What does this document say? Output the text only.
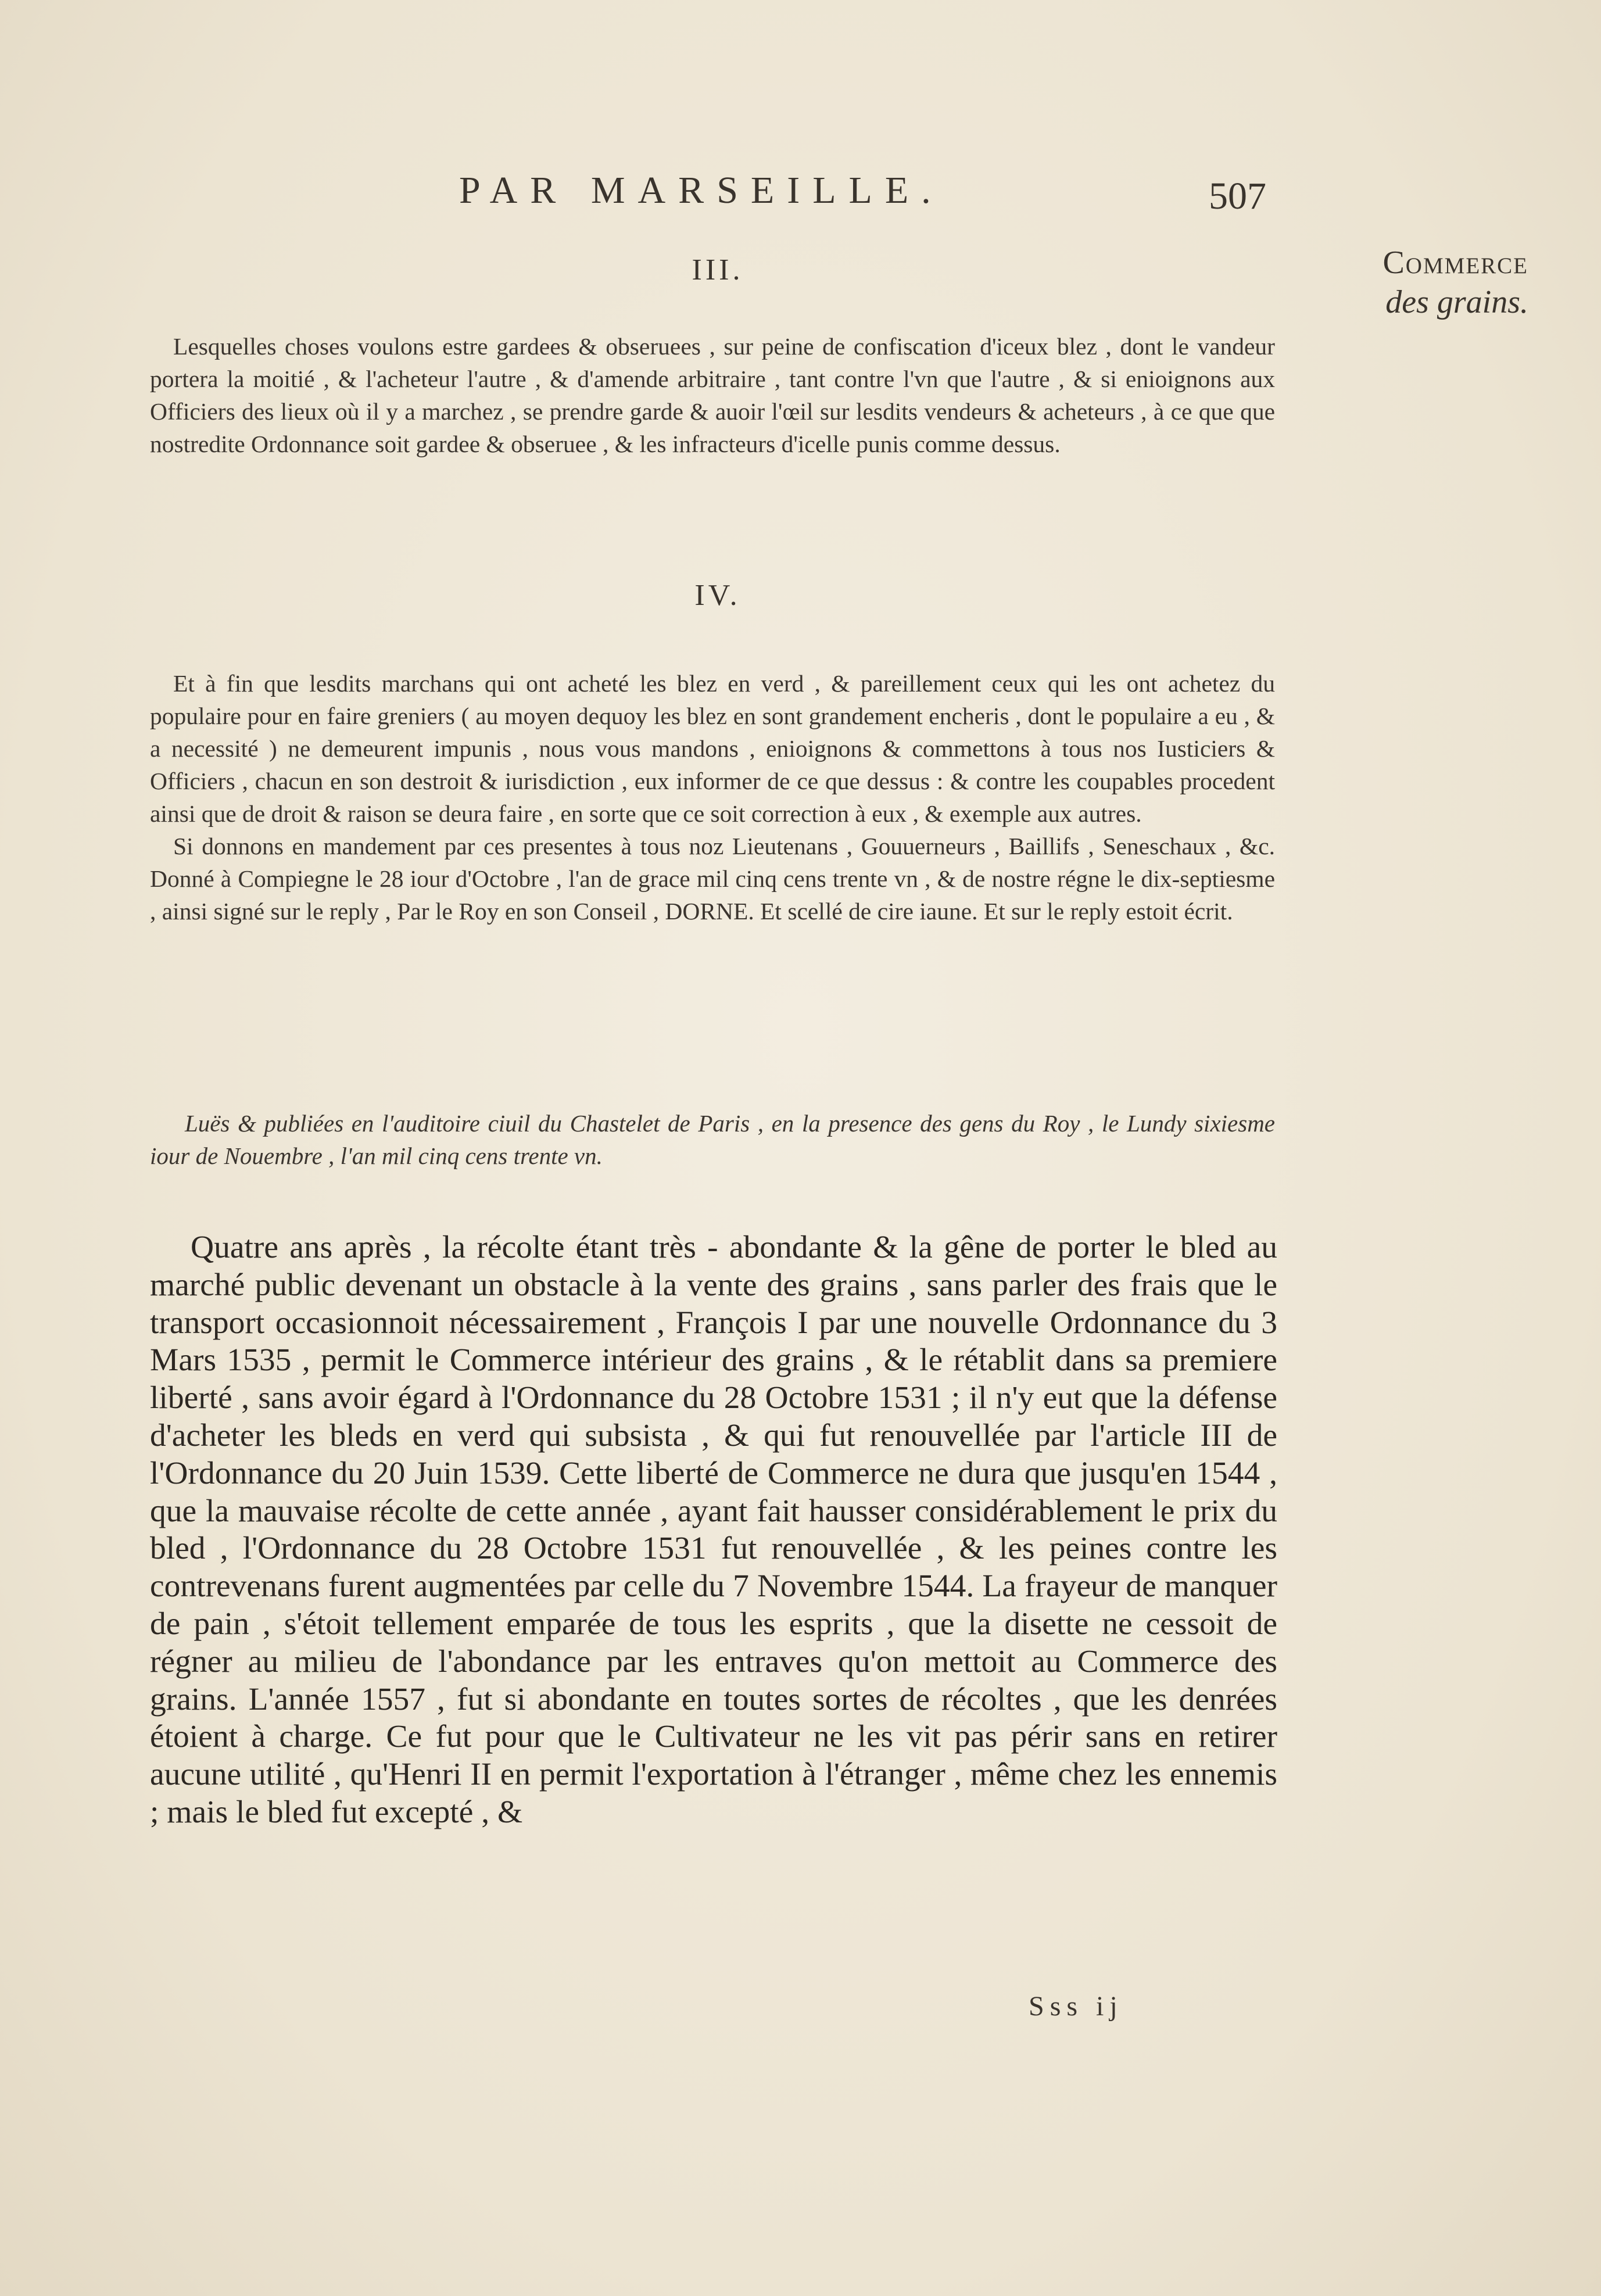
PAR MARSEILLE.	507
Commerce
des grains.
III.

Lesquelles choses voulons estre gardees & obseruees , sur peine de confiscation d'iceux blez , dont le vandeur portera la moitié , & l'acheteur l'autre , & d'amende arbitraire , tant contre l'vn que l'autre , & si enioignons aux Officiers des lieux où il y a marchez , se prendre garde & auoir l'œil sur lesdits vendeurs & acheteurs , à ce que que nostredite Ordonnance soit gardee & obseruee , & les infracteurs d'icelle punis comme dessus.

IV.

Et à fin que lesdits marchans qui ont acheté les blez en verd , & pareillement ceux qui les ont achetez du populaire pour en faire greniers ( au moyen dequoy les blez en sont grandement encheris , dont le populaire a eu , & a necessité ) ne demeurent impunis , nous vous mandons , enioignons & commettons à tous nos Iusticiers & Officiers , chacun en son destroit & iurisdiction , eux informer de ce que dessus : & contre les coupables procedent ainsi que de droit & raison se deura faire , en sorte que ce soit correction à eux , & exemple aux autres.

Si donnons en mandement par ces presentes à tous noz Lieutenans , Gouuerneurs , Baillifs , Seneschaux , &c. Donné à Compiegne le 28 iour d'Octobre , l'an de grace mil cinq cens trente vn , & de nostre régne le dix-septiesme , ainsi signé sur le reply , Par le Roy en son Conseil , DORNE. Et scellé de cire iaune. Et sur le reply estoit écrit.

Luës & publiées en l'auditoire ciuil du Chastelet de Paris , en la presence des gens du Roy , le Lundy sixiesme iour de Nouembre , l'an mil cinq cens trente vn.

Quatre ans après , la récolte étant très - abondante & la gêne de porter le bled au marché public devenant un obstacle à la vente des grains , sans parler des frais que le transport occasionnoit nécessairement , François I par une nouvelle Ordonnance du 3 Mars 1535 , permit le Commerce intérieur des grains , & le rétablit dans sa premiere liberté , sans avoir égard à l'Ordonnance du 28 Octobre 1531 ; il n'y eut que la défense d'acheter les bleds en verd qui subsista , & qui fut renouvellée par l'article III de l'Ordonnance du 20 Juin 1539. Cette liberté de Commerce ne dura que jusqu'en 1544 , que la mauvaise récolte de cette année , ayant fait hausser considérablement le prix du bled , l'Ordonnance du 28 Octobre 1531 fut renouvellée , & les peines contre les contrevenans furent augmentées par celle du 7 Novembre 1544. La frayeur de manquer de pain , s'étoit tellement emparée de tous les esprits , que la disette ne cessoit de régner au milieu de l'abondance par les entraves qu'on mettoit au Commerce des grains. L'année 1557 , fut si abondante en toutes sortes de récoltes , que les denrées étoient à charge. Ce fut pour que le Cultivateur ne les vit pas périr sans en retirer aucune utilité , qu'Henri II en permit l'exportation à l'étranger , même chez les ennemis ; mais le bled fut excepté , &

Sss ij
